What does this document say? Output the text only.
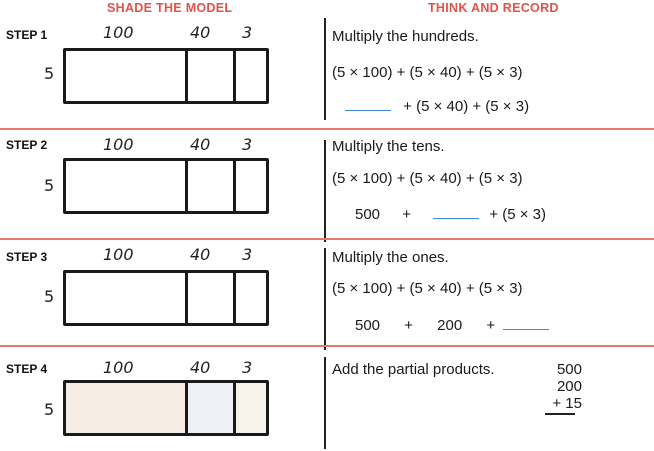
SHADE THE MODEL	THINK AND RECORD
STEP 1	100	40 3
5
Multiply the hundreds.
(5 × 100) + (5 × 40) + (5 × 3)
+ (5 × 40) + (5 × 3)
STEP 2	100	40 3
5
Multiply the tens.
(5 × 100) + (5 × 40) + (5 × 3)
500 +	+ (5 × 3)
STEP 3	100	40 3
5
Multiply the ones.
(5 × 100) + (5 × 40) + (5 × 3)
500 + 200 +
STEP 4	100	40 3
5
Add the partial products.	500
200
+ 15
